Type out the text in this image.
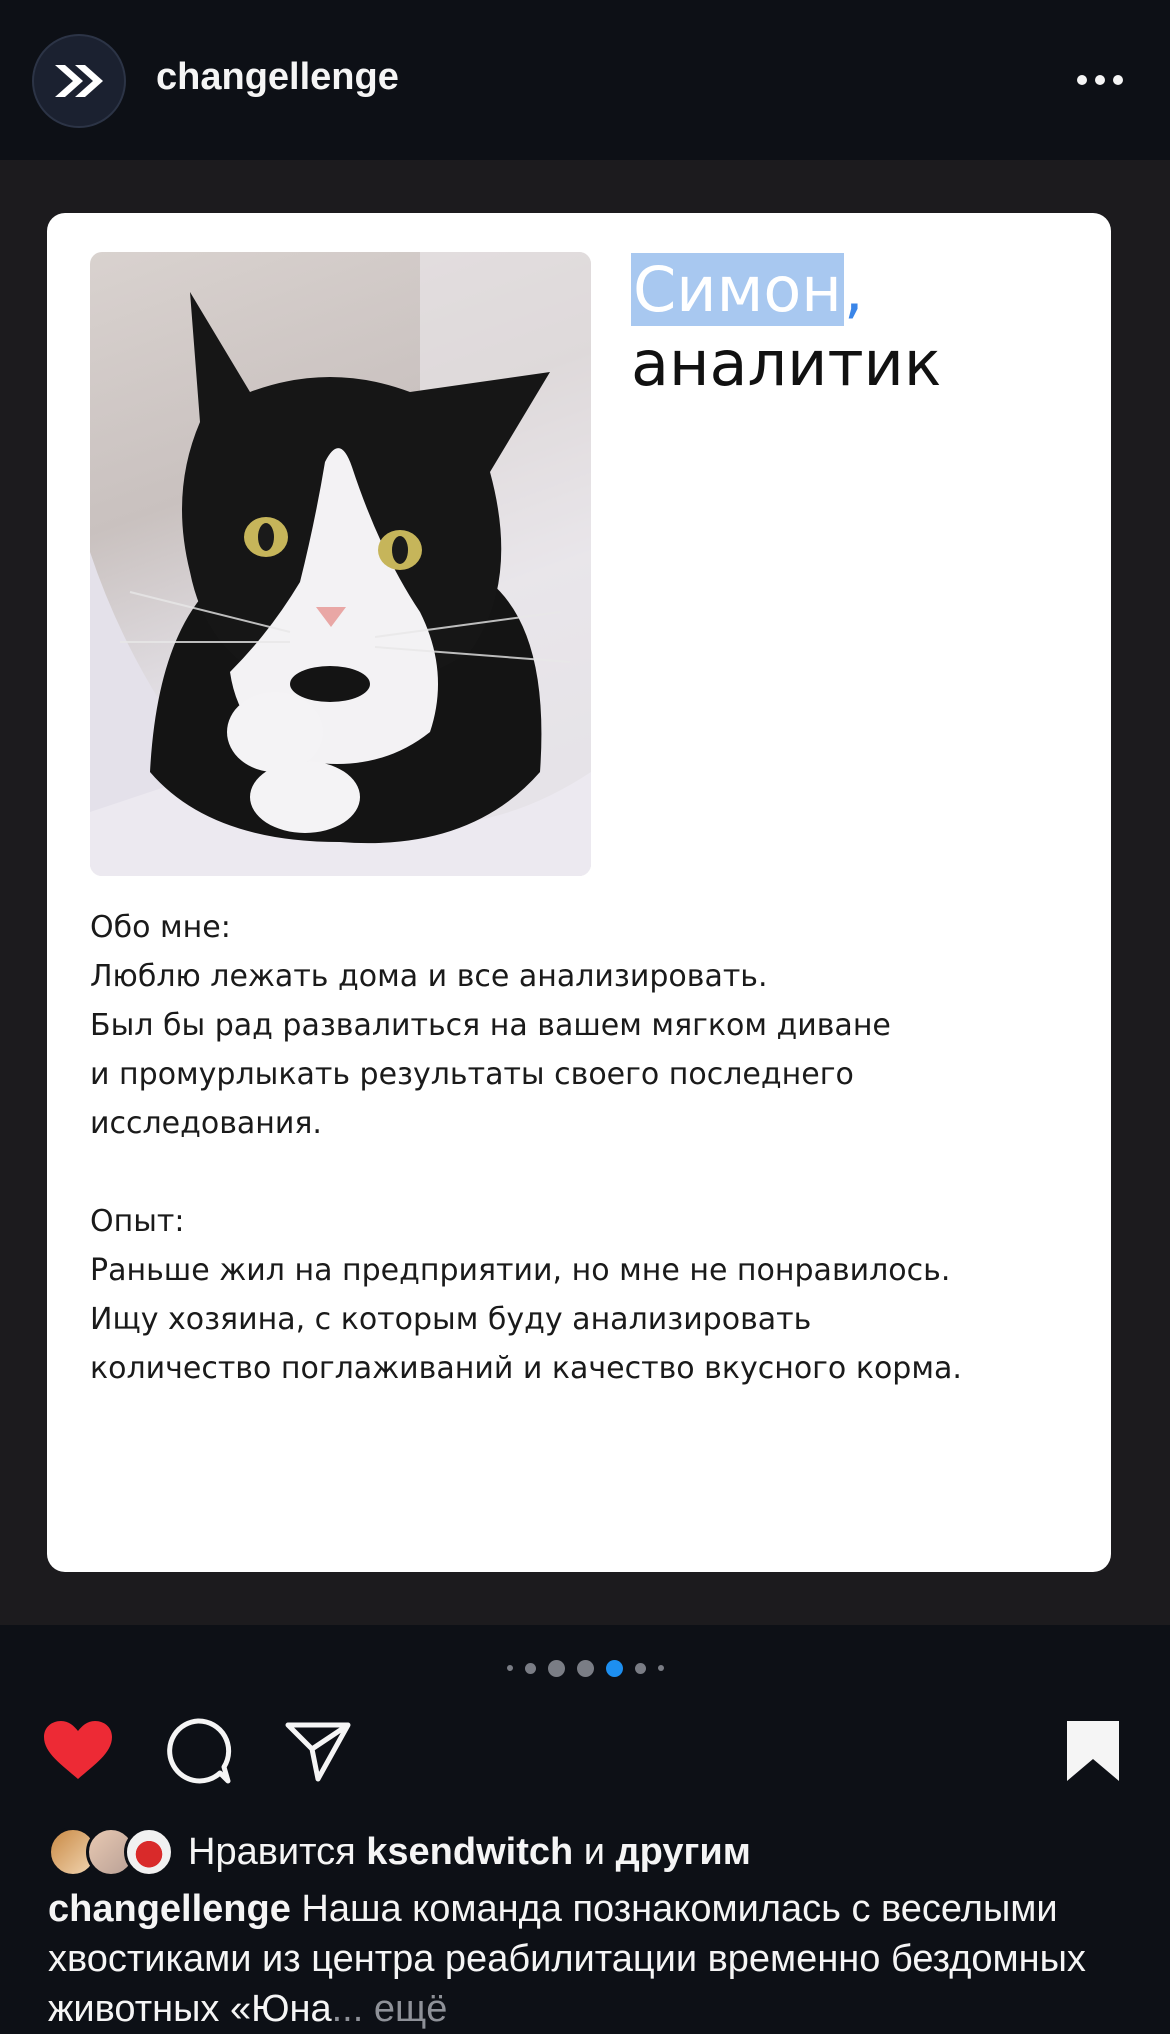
changellenge
Симон,
аналитик

Обо мне:

Люблю лежать дома и все анализировать.

Был бы рад развалиться на вашем мягком диване

и промурлыкать результаты своего последнего

исследования.

Опыт:

Раньше жил на предприятии, но мне не понравилось.

Ищу хозяина, с которым буду анализировать

количество поглаживаний и качество вкусного корма.

Нравится
ksendwitch
и
другим
changellenge Наша команда познакомилась с веселыми хвостиками из центра реабилитации временно бездомных животных «Юна... ещё
